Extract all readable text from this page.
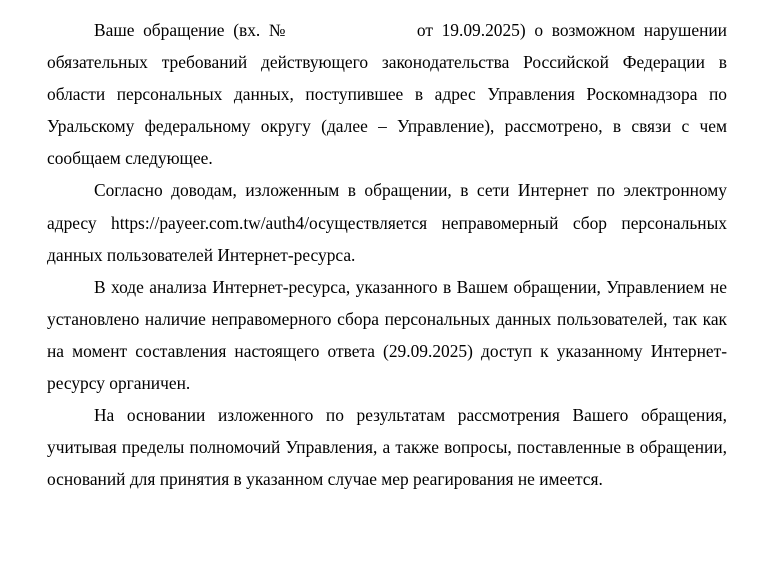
Ваше обращение (вх. №	от 19.09.2025) о возможном нарушении обязательных требований действующего законодательства Российской Федерации в области персональных данных, поступившее в адрес Управления Роскомнадзора по Уральскому федеральному округу (далее – Управление), рассмотрено, в связи с чем сообщаем следующее.

Согласно доводам, изложенным в обращении, в сети Интернет по электронному адресу https://payeer.com.tw/auth4/осуществляется неправомерный сбор персональных данных пользователей Интернет-ресурса.

В ходе анализа Интернет-ресурса, указанного в Вашем обращении, Управлением не установлено наличие неправомерного сбора персональных данных пользователей, так как на момент составления настоящего ответа (29.09.2025) доступ к указанному Интернет-ресурсу органичен.

На основании изложенного по результатам рассмотрения Вашего обращения, учитывая пределы полномочий Управления, а также вопросы, поставленные в обращении, оснований для принятия в указанном случае мер реагирования не имеется.
